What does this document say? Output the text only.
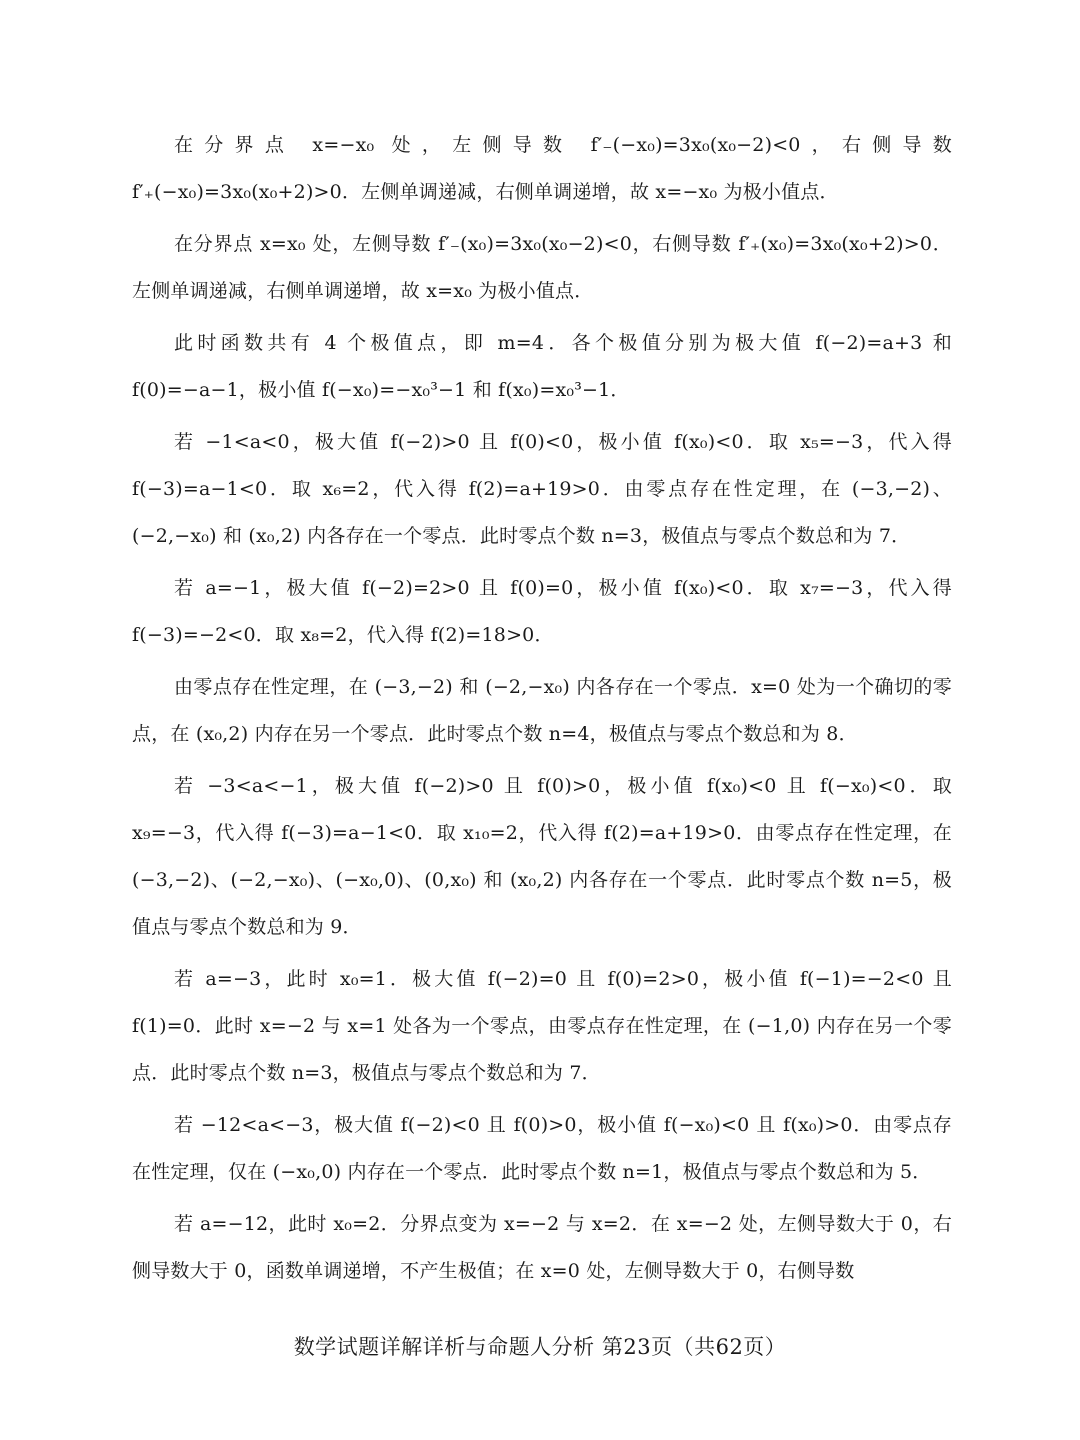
在分界点 x=−x₀ 处，左侧导数 f′₋(−x₀)=3x₀(x₀−2)<0，右侧导数 f′₊(−x₀)=3x₀(x₀+2)>0．左侧单调递减，右侧单调递增，故 x=−x₀ 为极小值点．

在分界点 x=x₀ 处，左侧导数 f′₋(x₀)=3x₀(x₀−2)<0，右侧导数 f′₊(x₀)=3x₀(x₀+2)>0．左侧单调递减，右侧单调递增，故 x=x₀ 为极小值点．

此时函数共有 4 个极值点，即 m=4．各个极值分别为极大值 f(−2)=a+3 和 f(0)=−a−1，极小值 f(−x₀)=−x₀³−1 和 f(x₀)=x₀³−1．

若 −1<a<0，极大值 f(−2)>0 且 f(0)<0，极小值 f(x₀)<0．取 x₅=−3，代入得 f(−3)=a−1<0．取 x₆=2，代入得 f(2)=a+19>0．由零点存在性定理，在 (−3,−2)、(−2,−x₀) 和 (x₀,2) 内各存在一个零点．此时零点个数 n=3，极值点与零点个数总和为 7．

若 a=−1，极大值 f(−2)=2>0 且 f(0)=0，极小值 f(x₀)<0．取 x₇=−3，代入得 f(−3)=−2<0．取 x₈=2，代入得 f(2)=18>0．

由零点存在性定理，在 (−3,−2) 和 (−2,−x₀) 内各存在一个零点．x=0 处为一个确切的零点，在 (x₀,2) 内存在另一个零点．此时零点个数 n=4，极值点与零点个数总和为 8．

若 −3<a<−1，极大值 f(−2)>0 且 f(0)>0，极小值 f(x₀)<0 且 f(−x₀)<0．取 x₉=−3，代入得 f(−3)=a−1<0．取 x₁₀=2，代入得 f(2)=a+19>0．由零点存在性定理，在 (−3,−2)、(−2,−x₀)、(−x₀,0)、(0,x₀) 和 (x₀,2) 内各存在一个零点．此时零点个数 n=5，极值点与零点个数总和为 9．

若 a=−3，此时 x₀=1．极大值 f(−2)=0 且 f(0)=2>0，极小值 f(−1)=−2<0 且 f(1)=0．此时 x=−2 与 x=1 处各为一个零点，由零点存在性定理，在 (−1,0) 内存在另一个零点．此时零点个数 n=3，极值点与零点个数总和为 7．

若 −12<a<−3，极大值 f(−2)<0 且 f(0)>0，极小值 f(−x₀)<0 且 f(x₀)>0．由零点存在性定理，仅在 (−x₀,0) 内存在一个零点．此时零点个数 n=1，极值点与零点个数总和为 5．

若 a=−12，此时 x₀=2．分界点变为 x=−2 与 x=2．在 x=−2 处，左侧导数大于 0，右侧导数大于 0，函数单调递增，不产生极值；在 x=0 处，左侧导数大于 0，右侧导数

数学试题详解详析与命题人分析 第23页（共62页）
